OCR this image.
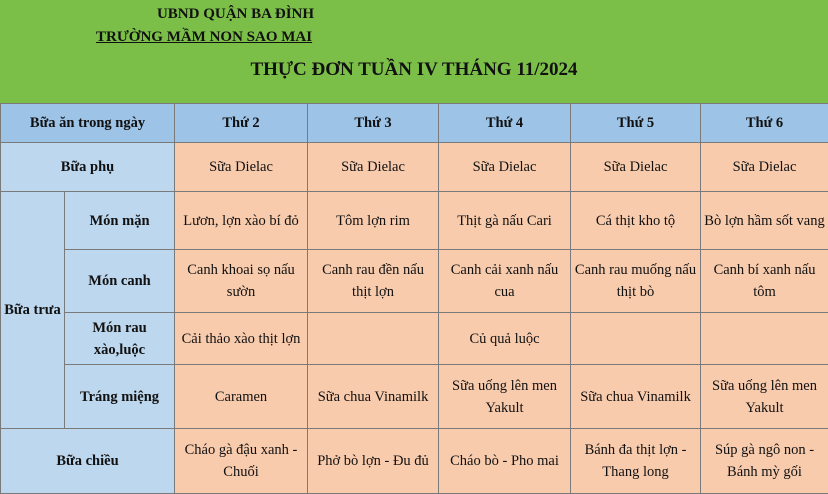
UBND QUẬN BA ĐÌNH
TRƯỜNG MẦM NON SAO MAI
THỰC ĐƠN TUẦN IV THÁNG 11/2024
Bữa ăn trong ngày		Thứ 2	Thứ 3	Thứ 4	Thứ 5	Thứ 6
Bữa phụ		Sữa Dielac	Sữa Dielac	Sữa Dielac	Sữa Dielac	Sữa Dielac
Bữa trưa	Món mặn	Lươn, lợn xào bí đỏ	Tôm lợn rim	Thịt gà nấu Cari	Cá thịt kho tộ	Bò lợn hầm sốt vang
	Món canh	Canh khoai sọ nấu sườn	Canh rau đền nấu thịt lợn	Canh cải xanh nấu cua	Canh rau muống nấu thịt bò	Canh bí xanh nấu tôm
	Món rau xào,luộc	Cải thảo xào thịt lợn		Củ quả luộc		
	Tráng miệng	Caramen	Sữa chua Vinamilk	Sữa uống lên men Yakult	Sữa chua Vinamilk	Sữa uống lên men Yakult
Bữa chiều		Cháo gà đậu xanh - Chuối	Phở bò lợn - Đu đủ	Cháo bò - Pho mai	Bánh đa thịt lợn - Thang long	Súp gà ngô non - Bánh mỳ gối
